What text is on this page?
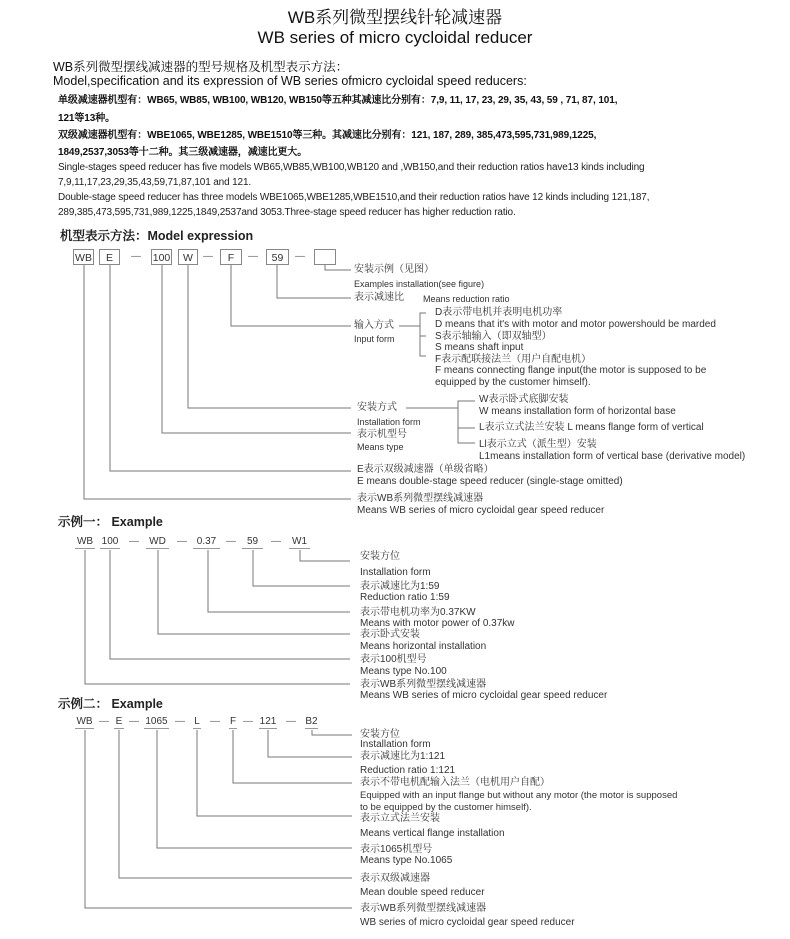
WB系列微型摆线针轮减速器
WB series of micro cycloidal reducer
WB系列微型摆线减速器的型号规格及机型表示方法：
Model,specification and its expression of WB series ofmicro cycloidal speed reducers:
单级减速器机型有：WB65, WB85, WB100, WB120, WB150等五种其减速比分别有：7,9, 11, 17, 23, 29, 35, 43, 59 , 71, 87, 101,
121等13种。
双级减速器机型有：WBE1065, WBE1285, WBE1510等三种。其减速比分别有：121, 187, 289, 385,473,595,731,989,1225,
1849,2537,3053等十二种。其三级减速器，减速比更大。
Single-stages speed reducer has five models WB65,WB85,WB100,WB120 and ,WB150,and their reduction ratios have13 kinds including
7,9,11,17,23,29,35,43,59,71,87,101 and 121.
Double-stage speed reducer has three models WBE1065,WBE1285,WBE1510,and their reduction ratios have 12 kinds including 121,187,
289,385,473,595,731,989,1225,1849,2537and 3053.Three-stage speed reducer has higher reduction ratio.
机型表示方法：Model expression
WB	E	— 100	W	—	F	—	59	—
安装示例（见图）
Examples installation(see figure)
表示减速比 Means reduction ratio
输入方式
Input form
D表示带电机并表明电机功率
D means that it's with motor and motor powershould be marded
S表示轴输入（即双轴型）
S means shaft input
F表示配联接法兰（用户自配电机）
F means connecting flange input(the motor is supposed to be
equipped by the customer himself).
安装方式
Installation form
W表示卧式底脚安装
W means installation form of horizontal base
L表示立式法兰安装 L means flange form of vertical
Ll表示立式（派生型）安装
L1means installation form of vertical base (derivative model)
表示机型号
Means type
E表示双级减速器（单级省略）
E means double-stage speed reducer (single-stage omitted)
表示WB系列微型摆线减速器
Means WB series of micro cycloidal gear speed reducer
示例一： Example
WB 100 —	WD	— 0.37 —	59	—	W1
安装方位
Installation form
表示减速比为1:59
Reduction ratio 1:59
表示带电机功率为0.37KW
Means with motor power of 0.37kw
表示卧式安装
Means horizontal installation
表示100机型号
Means type No.100
表示WB系列微型摆线减速器
Means WB series of micro cycloidal gear speed reducer
示例二： Example
WB — E — 1065 — L — F — 121 — B2
安装方位
Installation form
表示减速比为1:121
Reduction ratio 1:121
表示不带电机配输入法兰（电机用户自配）
Equipped with an input flange but without any motor (the motor is supposed
to be equipped by the customer himself).
表示立式法兰安装
Means vertical flange installation
表示1065机型号
Means type No.1065
表示双级减速器
Mean double speed reducer
表示WB系列微型摆线减速器
WB series of micro cycloidal gear speed reducer
